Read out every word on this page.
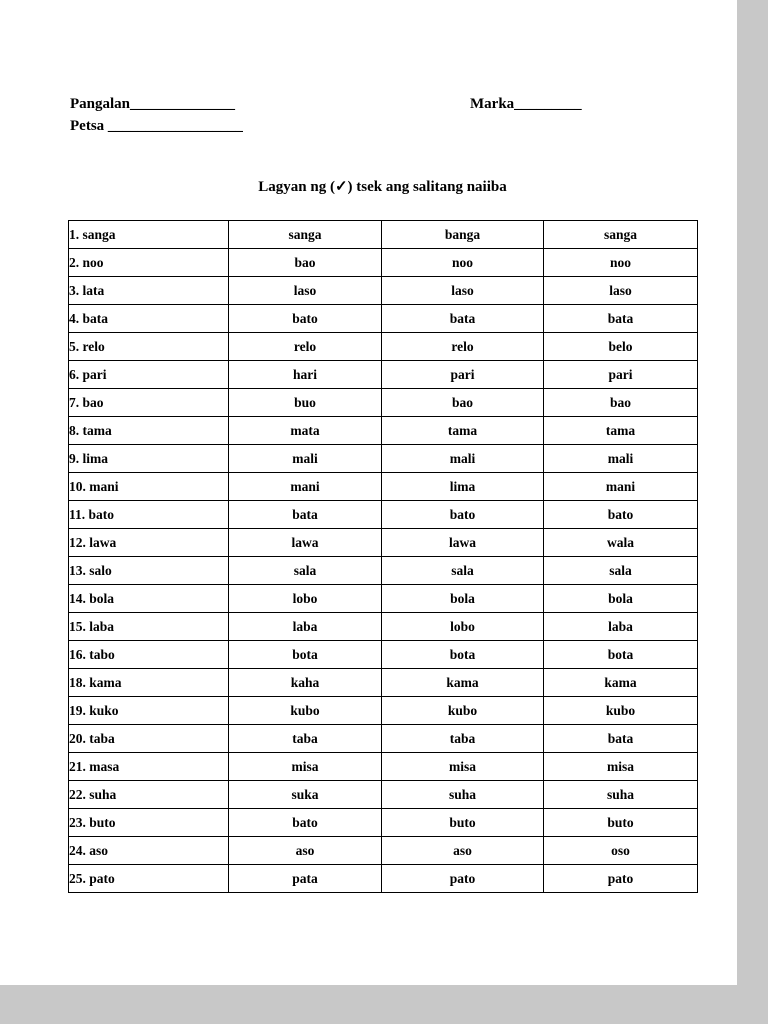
Pangalan______________	Marka_________
Petsa __________________
Lagyan ng (✓) tsek ang salitang naiiba
1. sanga	sanga	banga	sanga
2. noo	bao	noo	noo
3. lata	laso	laso	laso
4. bata	bato	bata	bata
5. relo	relo	relo	belo
6. pari	hari	pari	pari
7. bao	buo	bao	bao
8. tama	mata	tama	tama
9. lima	mali	mali	mali
10. mani	mani	lima	mani
11. bato	bata	bato	bato
12. lawa	lawa	lawa	wala
13. salo	sala	sala	sala
14. bola	lobo	bola	bola
15. laba	laba	lobo	laba
16. tabo	bota	bota	bota
18. kama	kaha	kama	kama
19. kuko	kubo	kubo	kubo
20. taba	taba	taba	bata
21. masa	misa	misa	misa
22. suha	suka	suha	suha
23. buto	bato	buto	buto
24. aso	aso	aso	oso
25. pato	pata	pato	pato
